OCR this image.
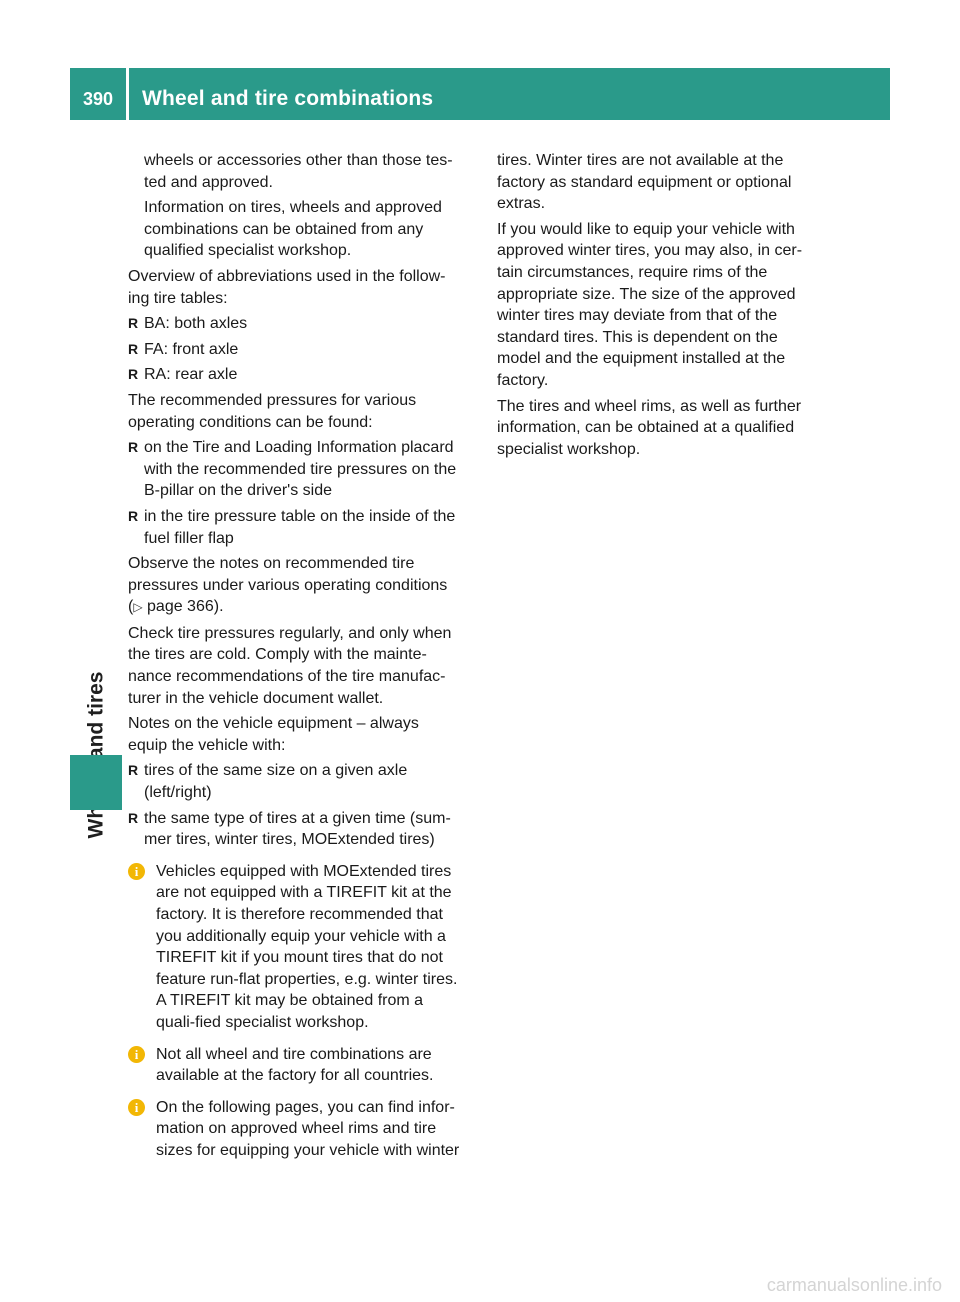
390	Wheel and tire combinations

wheels or accessories other than those tes-ted and approved.

Information on tires, wheels and approved combinations can be obtained from any qualified specialist workshop.

Overview of abbreviations used in the follow-ing tire tables:

R BA: both axles
R FA: front axle
R RA: rear axle

The recommended pressures for various operating conditions can be found:

R on the Tire and Loading Information placard with the recommended tire pressures on the B-pillar on the driver's side
R in the tire pressure table on the inside of the fuel filler flap

Observe the notes on recommended tire pressures under various operating conditions (▷ page 366).

Check tire pressures regularly, and only when the tires are cold. Comply with the mainte-nance recommendations of the tire manufac-turer in the vehicle document wallet.

Notes on the vehicle equipment – always equip the vehicle with:

R tires of the same size on a given axle (left/right)
R the same type of tires at a given time (sum-mer tires, winter tires, MOExtended tires)
i	Vehicles equipped with MOExtended tires are not equipped with a TIREFIT kit at the factory. It is therefore recommended that you additionally equip your vehicle with a TIREFIT kit if you mount tires that do not feature run-flat properties, e.g. winter tires. A TIREFIT kit may be obtained from a quali-fied specialist workshop.
i	Not all wheel and tire combinations are available at the factory for all countries.
i	On the following pages, you can find infor-mation on approved wheel rims and tire sizes for equipping your vehicle with winter

tires. Winter tires are not available at the factory as standard equipment or optional extras.

If you would like to equip your vehicle with approved winter tires, you may also, in cer-tain circumstances, require rims of the appropriate size. The size of the approved winter tires may deviate from that of the standard tires. This is dependent on the model and the equipment installed at the factory.

The tires and wheel rims, as well as further information, can be obtained at a qualified specialist workshop.

carmanualsonline.info
